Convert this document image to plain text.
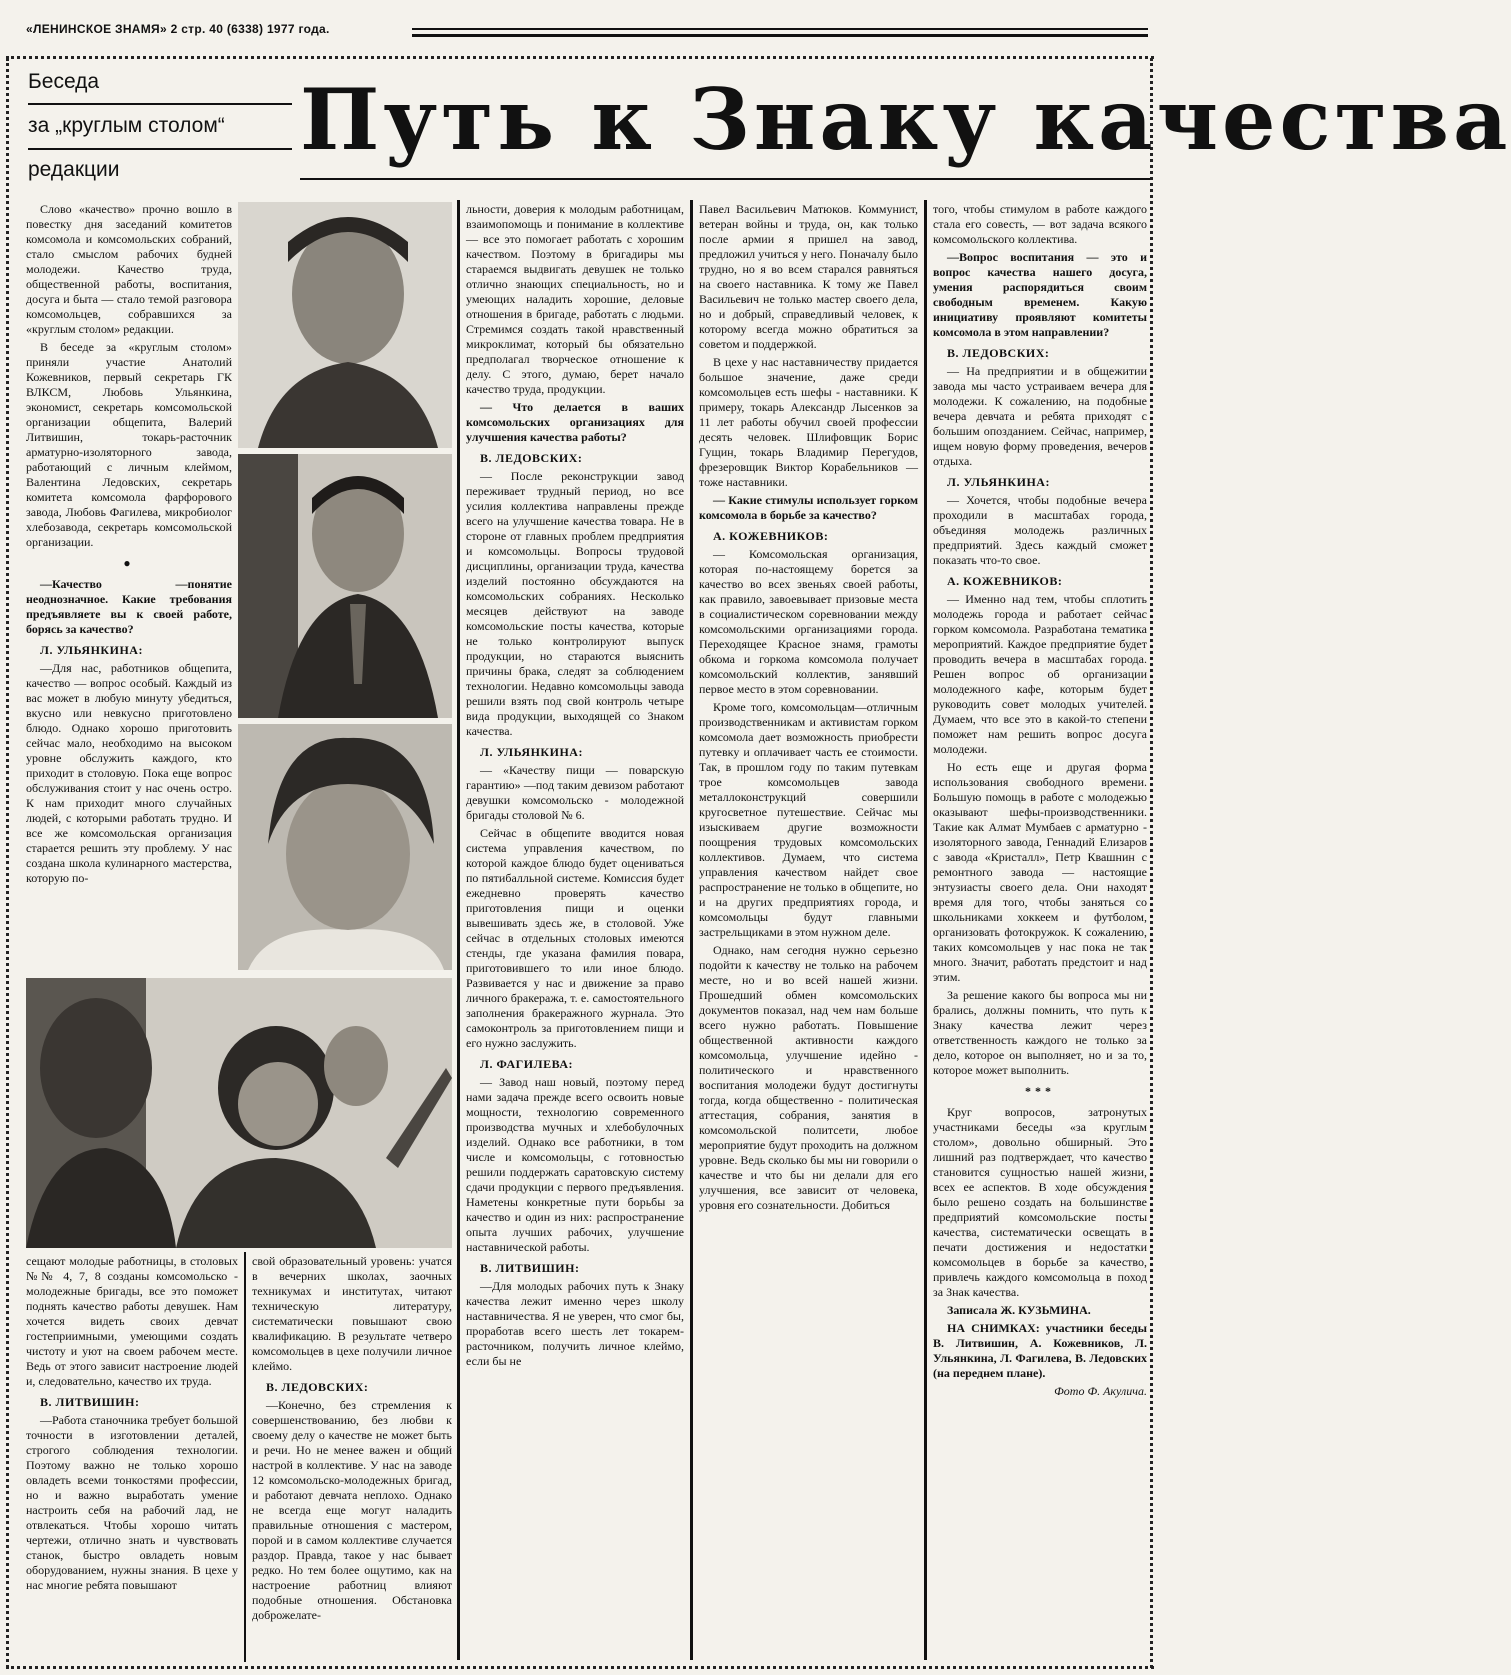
«ЛЕНИНСКОЕ ЗНАМЯ» 2 стр. 40 (6338) 1977 года.
Беседа
за „круглым столом“
редакции
Путь к Знаку качества

Слово «качество» прочно вошло в повестку дня заседаний комитетов комсомола и комсомольских собраний, стало смыслом рабочих будней молодежи. Качество труда, общественной работы, воспитания, досуга и быта — стало темой разговора комсомольцев, собравшихся за «круглым столом» редакции.

В беседе за «круглым столом» приняли участие Анатолий Кожевников, первый секретарь ГК ВЛКСМ, Любовь Ульянкина, экономист, секретарь комсомольской организации общепита, Валерий Литвишин, токарь-расточник арматурно-изоляторного завода, работающий с личным клеймом, Валентина Ледовских, секретарь комитета комсомола фарфорового завода, Любовь Фагилева, микробиолог хлебозавода, секретарь комсомольской организации.

●

—Качество —понятие неоднозначное. Какие требования предъявляете вы к своей работе, борясь за качество?

Л. УЛЬЯНКИНА:

—Для нас, работников общепита, качество — вопрос особый. Каждый из вас может в любую минуту убедиться, вкусно или невкусно приготовлено блюдо. Однако хорошо приготовить сейчас мало, необходимо на высоком уровне обслужить каждого, кто приходит в столовую. Пока еще вопрос обслуживания стоит у нас очень остро. К нам приходит много случайных людей, с которыми работать трудно. И все же комсомольская организация старается решить эту проблему. У нас создана школа кулинарного мастерства, которую по-

сещают молодые работницы, в столовых №№ 4, 7, 8 созданы комсомольско - молодежные бригады, все это поможет поднять качество работы девушек. Нам хочется видеть своих девчат гостеприимными, умеющими создать чистоту и уют на своем рабочем месте. Ведь от этого зависит настроение людей и, следовательно, качество их труда.

В. ЛИТВИШИН:

—Работа станочника требует большой точности в изготовлении деталей, строгого соблюдения технологии. Поэтому важно не только хорошо овладеть всеми тонкостями профессии, но и важно выработать умение настроить себя на рабочий лад, не отвлекаться. Чтобы хорошо читать чертежи, отлично знать и чувствовать станок, быстро овладеть новым оборудованием, нужны знания. В цехе у нас многие ребята повышают

свой образовательный уровень: учатся в вечерних школах, заочных техникумах и институтах, читают техническую литературу, систематически повышают свою квалификацию. В результате четверо комсомольцев в цехе получили личное клеймо.

В. ЛЕДОВСКИХ:

—Конечно, без стремления к совершенствованию, без любви к своему делу о качестве не может быть и речи. Но не менее важен и общий настрой в коллективе. У нас на заводе 12 комсомольско-молодежных бригад, и работают девчата неплохо. Однако не всегда еще могут наладить правильные отношения с мастером, порой и в самом коллективе случается раздор. Правда, такое у нас бывает редко. Но тем более ощутимо, как на настроение работниц влияют подобные отношения. Обстановка доброжелате-

льности, доверия к молодым работницам, взаимопомощь и понимание в коллективе — все это помогает работать с хорошим качеством. Поэтому в бригадиры мы стараемся выдвигать девушек не только отлично знающих специальность, но и умеющих наладить хорошие, деловые отношения в бригаде, работать с людьми. Стремимся создать такой нравственный микроклимат, который бы обязательно предполагал творческое отношение к делу. С этого, думаю, берет начало качество труда, продукции.

— Что делается в ваших комсомольских организациях для улучшения качества работы?

В. ЛЕДОВСКИХ:

— После реконструкции завод переживает трудный период, но все усилия коллектива направлены прежде всего на улучшение качества товара. Не в стороне от главных проблем предприятия и комсомольцы. Вопросы трудовой дисциплины, организации труда, качества изделий постоянно обсуждаются на комсомольских собраниях. Несколько месяцев действуют на заводе комсомольские посты качества, которые не только контролируют выпуск продукции, но стараются выяснить причины брака, следят за соблюдением технологии. Недавно комсомольцы завода решили взять под свой контроль четыре вида продукции, выходящей со Знаком качества.

Л. УЛЬЯНКИНА:

— «Качеству пищи — поварскую гарантию» —под таким девизом работают девушки комсомольско - молодежной бригады столовой № 6.

Сейчас в общепите вводится новая система управления качеством, по которой каждое блюдо будет оцениваться по пятибалльной системе. Комиссия будет ежедневно проверять качество приготовления пищи и оценки вывешивать здесь же, в столовой. Уже сейчас в отдельных столовых имеются стенды, где указана фамилия повара, приготовившего то или иное блюдо. Развивается у нас и движение за право личного бракеража, т. е. самостоятельного заполнения бракеражного журнала. Это самоконтроль за приготовлением пищи и его нужно заслужить.

Л. ФАГИЛЕВА:

— Завод наш новый, поэтому перед нами задача прежде всего освоить новые мощности, технологию современного производства мучных и хлебобулочных изделий. Однако все работники, в том числе и комсомольцы, с готовностью решили поддержать саратовскую систему сдачи продукции с первого предъявления. Наметены конкретные пути борьбы за качество и один из них: распространение опыта лучших рабочих, улучшение наставнической работы.

В. ЛИТВИШИН:

—Для молодых рабочих путь к Знаку качества лежит именно через школу наставничества. Я не уверен, что смог бы, проработав всего шесть лет токарем-расточником, получить личное клеймо, если бы не

Павел Васильевич Матюков. Коммунист, ветеран войны и труда, он, как только после армии я пришел на завод, предложил учиться у него. Поначалу было трудно, но я во всем старался равняться на своего наставника. К тому же Павел Васильевич не только мастер своего дела, но и добрый, справедливый человек, к которому всегда можно обратиться за советом и поддержкой.

В цехе у нас наставничеству придается большое значение, даже среди комсомольцев есть шефы - наставники. К примеру, токарь Александр Лысенков за 11 лет работы обучил своей профессии десять человек. Шлифовщик Борис Гущин, токарь Владимир Перегудов, фрезеровщик Виктор Корабельников — тоже наставники.

— Какие стимулы использует горком комсомола в борьбе за качество?

А. КОЖЕВНИКОВ:

— Комсомольская организация, которая по-настоящему борется за качество во всех звеньях своей работы, как правило, завоевывает призовые места в социалистическом соревновании между комсомольскими организациями города. Переходящее Красное знамя, грамоты обкома и горкома комсомола получает комсомольский коллектив, занявший первое место в этом соревновании.

Кроме того, комсомольцам—отличным производственникам и активистам горком комсомола дает возможность приобрести путевку и оплачивает часть ее стоимости. Так, в прошлом году по таким путевкам трое комсомольцев завода металлоконструкций совершили кругосветное путешествие. Сейчас мы изыскиваем другие возможности поощрения трудовых комсомольских коллективов. Думаем, что система управления качеством найдет свое распространение не только в общепите, но и на других предприятиях города, и комсомольцы будут главными застрельщиками в этом нужном деле.

Однако, нам сегодня нужно серьезно подойти к качеству не только на рабочем месте, но и во всей нашей жизни. Прошедший обмен комсомольских документов показал, над чем нам больше всего нужно работать. Повышение общественной активности каждого комсомольца, улучшение идейно - политического и нравственного воспитания молодежи будут достигнуты тогда, когда общественно - политическая аттестация, собрания, занятия в комсомольской политсети, любое мероприятие будут проходить на должном уровне. Ведь сколько бы мы ни говорили о качестве и что бы ни делали для его улучшения, все зависит от человека, уровня его сознательности. Добиться

того, чтобы стимулом в работе каждого стала его совесть, — вот задача всякого комсомольского коллектива.

—Вопрос воспитания — это и вопрос качества нашего досуга, умения распорядиться своим свободным временем. Какую инициативу проявляют комитеты комсомола в этом направлении?

В. ЛЕДОВСКИХ:

— На предприятии и в общежитии завода мы часто устраиваем вечера для молодежи. К сожалению, на подобные вечера девчата и ребята приходят с большим опозданием. Сейчас, например, ищем новую форму проведения, вечеров отдыха.

Л. УЛЬЯНКИНА:

— Хочется, чтобы подобные вечера проходили в масштабах города, объединяя молодежь различных предприятий. Здесь каждый сможет показать что-то свое.

А. КОЖЕВНИКОВ:

— Именно над тем, чтобы сплотить молодежь города и работает сейчас горком комсомола. Разработана тематика мероприятий. Каждое предприятие будет проводить вечера в масштабах города. Решен вопрос об организации молодежного кафе, которым будет руководить совет молодых учителей. Думаем, что все это в какой-то степени поможет нам решить вопрос досуга молодежи.

Но есть еще и другая форма использования свободного времени. Большую помощь в работе с молодежью оказывают шефы-производственники. Такие как Алмат Мумбаев с арматурно - изоляторного завода, Геннадий Елизаров с завода «Кристалл», Петр Квашнин с ремонтного завода — настоящие энтузиасты своего дела. Они находят время для того, чтобы заняться со школьниками хоккеем и футболом, организовать фотокружок. К сожалению, таких комсомольцев у нас пока не так много. Значит, работать предстоит и над этим.

За решение какого бы вопроса мы ни брались, должны помнить, что путь к Знаку качества лежит через ответственность каждого не только за дело, которое он выполняет, но и за то, которое может выполнить.

***

Круг вопросов, затронутых участниками беседы «за круглым столом», довольно обширный. Это лишний раз подтверждает, что качество становится сущностью нашей жизни, всех ее аспектов. В ходе обсуждения было решено создать на большинстве предприятий комсомольские посты качества, систематически освещать в печати достижения и недостатки комсомольцев в борьбе за качество, привлечь каждого комсомольца в поход за Знак качества.

Записала Ж. КУЗЬМИНА.

НА СНИМКАХ: участники беседы В. Литвишин, А. Кожевников, Л. Ульянкина, Л. Фагилева, В. Ледовских (на переднем плане).

Фото Ф. Акулича.
